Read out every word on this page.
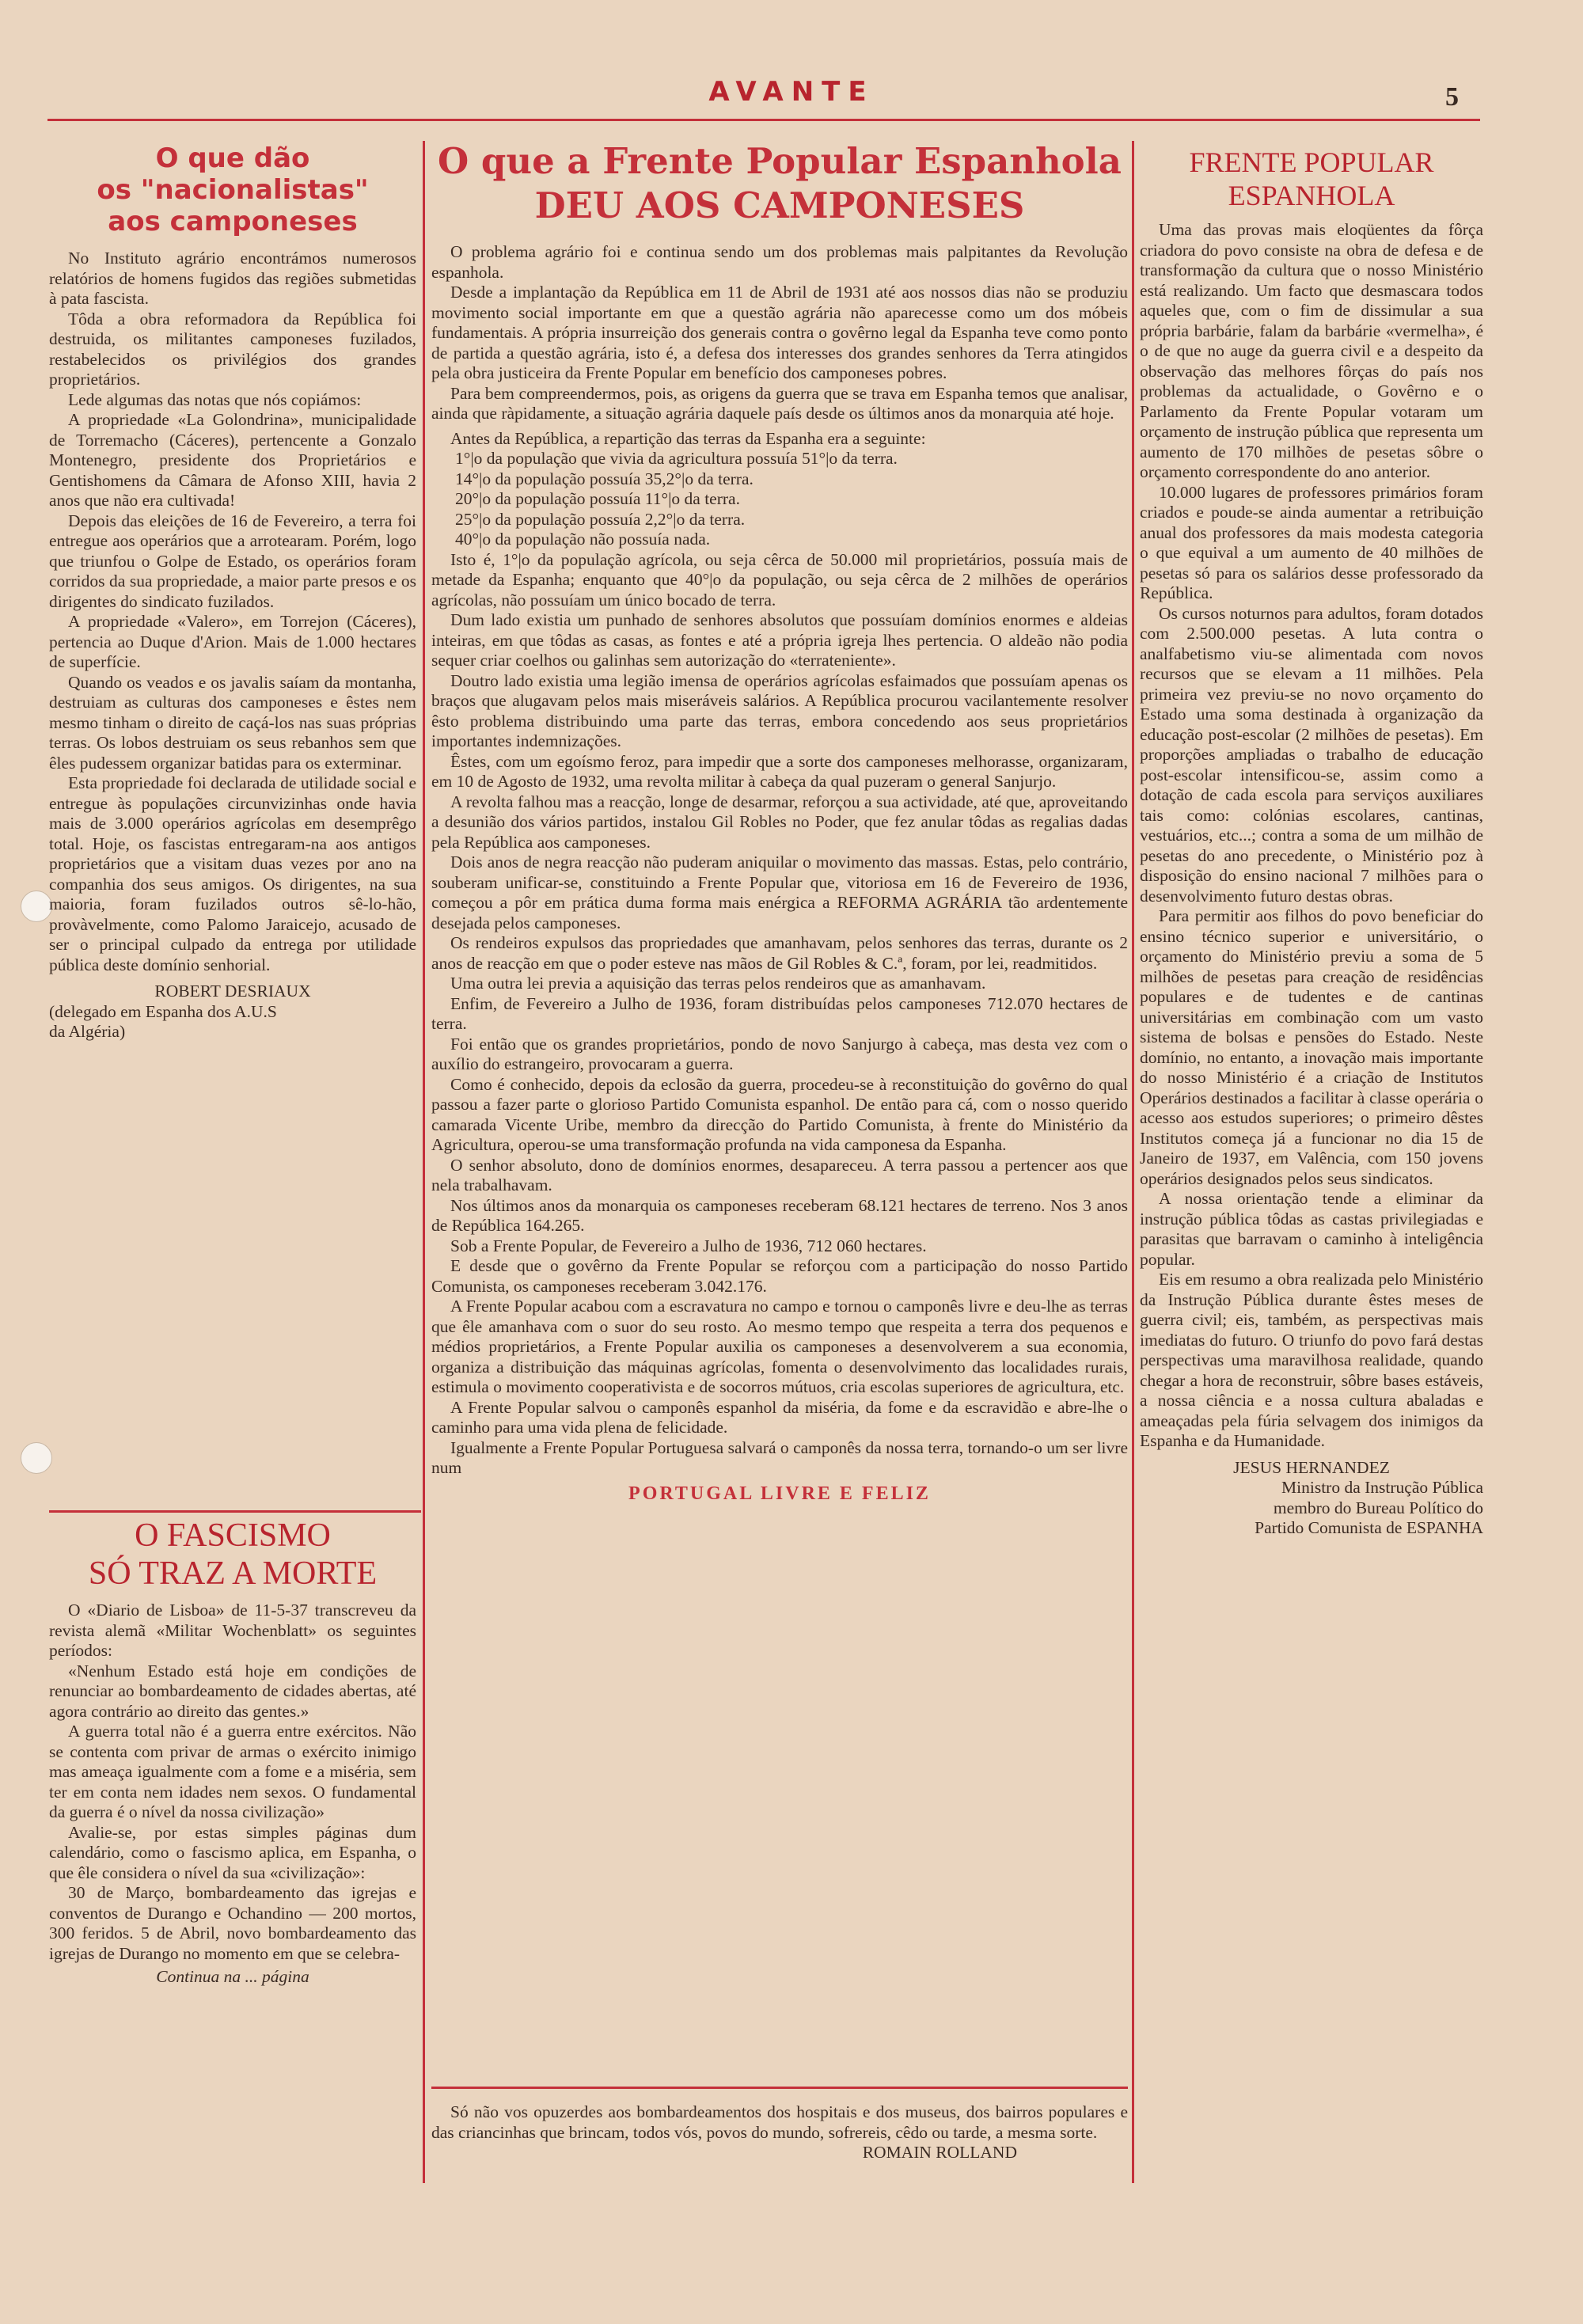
AVANTE	5
O que dão
os "nacionalistas"
aos camponeses

No Instituto agrário encontrámos numerosos relatórios de homens fugidos das regiões submetidas à pata fascista.

Tôda a obra reformadora da República foi destruida, os militantes camponeses fuzilados, restabelecidos os privilégios dos grandes proprietários.

Lede algumas das notas que nós copiámos:

A propriedade «La Golondrina», municipalidade de Torremacho (Cáceres), pertencente a Gonzalo Montenegro, presidente dos Proprietários e Gentishomens da Câmara de Afonso XIII, havia 2 anos que não era cultivada!

Depois das eleições de 16 de Fevereiro, a terra foi entregue aos operários que a arrotearam. Porém, logo que triunfou o Golpe de Estado, os operários foram corridos da sua propriedade, a maior parte presos e os dirigentes do sindicato fuzilados.

A propriedade «Valero», em Torrejon (Cáceres), pertencia ao Duque d'Arion. Mais de 1.000 hectares de superfície.

Quando os veados e os javalis saíam da montanha, destruiam as culturas dos camponeses e êstes nem mesmo tinham o direito de caçá-los nas suas próprias terras. Os lobos destruiam os seus rebanhos sem que êles pudessem organizar batidas para os exterminar.

Esta propriedade foi declarada de utilidade social e entregue às populações circunvizinhas onde havia mais de 3.000 operários agrícolas em desemprêgo total. Hoje, os fascistas entregaram-na aos antigos proprietários que a visitam duas vezes por ano na companhia dos seus amigos. Os dirigentes, na sua maioria, foram fuzilados outros sê-lo-hão, provàvelmente, como Palomo Jaraicejo, acusado de ser o principal culpado da entrega por utilidade pública deste domínio senhorial.

ROBERT DESRIAUX

(delegado em Espanha dos A.U.S

da Algéria)

O FASCISMO
SÓ TRAZ A MORTE

O «Diario de Lisboa» de 11-5-37 transcreveu da revista alemã «Militar Wochenblatt» os seguintes períodos:

«Nenhum Estado está hoje em condições de renunciar ao bombardeamento de cidades abertas, até agora contrário ao direito das gentes.»

A guerra total não é a guerra entre exércitos. Não se contenta com privar de armas o exército inimigo mas ameaça igualmente com a fome e a miséria, sem ter em conta nem idades nem sexos. O fundamental da guerra é o nível da nossa civilização»

Avalie-se, por estas simples páginas dum calendário, como o fascismo aplica, em Espanha, o que êle considera o nível da sua «civilização»:

30 de Março, bombardeamento das igrejas e conventos de Durango e Ochandino — 200 mortos, 300 feridos. 5 de Abril, novo bombardeamento das igrejas de Durango no momento em que se celebra-

Continua na ... página

O que a Frente Popular Espanhola
DEU AOS CAMPONESES

O problema agrário foi e continua sendo um dos problemas mais palpitantes da Revolução espanhola.

Desde a implantação da República em 11 de Abril de 1931 até aos nossos dias não se produziu movimento social importante em que a questão agrária não aparecesse como um dos móbeis fundamentais. A própria insurreição dos generais contra o govêrno legal da Espanha teve como ponto de partida a questão agrária, isto é, a defesa dos interesses dos grandes senhores da Terra atingidos pela obra justiceira da Frente Popular em benefício dos camponeses pobres.

Para bem compreendermos, pois, as origens da guerra que se trava em Espanha temos que analisar, ainda que ràpidamente, a situação agrária daquele país desde os últimos anos da monarquia até hoje.

Antes da República, a repartição das terras da Espanha era a seguinte:

1°|o da população que vivia da agricultura possuía 51°|o da terra.

14°|o da população possuía 35,2°|o da terra.

20°|o da população possuía 11°|o da terra.

25°|o da população possuía 2,2°|o da terra.

40°|o da população não possuía nada.

Isto é, 1°|o da população agrícola, ou seja cêrca de 50.000 mil proprietários, possuía mais de metade da Espanha; enquanto que 40°|o da população, ou seja cêrca de 2 milhões de operários agrícolas, não possuíam um único bocado de terra.

Dum lado existia um punhado de senhores absolutos que possuíam domínios enormes e aldeias inteiras, em que tôdas as casas, as fontes e até a própria igreja lhes pertencia. O aldeão não podia sequer criar coelhos ou galinhas sem autorização do «terrateniente».

Doutro lado existia uma legião imensa de operários agrícolas esfaimados que possuíam apenas os braços que alugavam pelos mais miseráveis salários. A República procurou vacilantemente resolver êsto problema distribuindo uma parte das terras, embora concedendo aos seus proprietários importantes indemnizações.

Êstes, com um egoísmo feroz, para impedir que a sorte dos camponeses melhorasse, organizaram, em 10 de Agosto de 1932, uma revolta militar à cabeça da qual puzeram o general Sanjurjo.

A revolta falhou mas a reacção, longe de desarmar, reforçou a sua actividade, até que, aproveitando a desunião dos vários partidos, instalou Gil Robles no Poder, que fez anular tôdas as regalias dadas pela República aos camponeses.

Dois anos de negra reacção não puderam aniquilar o movimento das massas. Estas, pelo contrário, souberam unificar-se, constituindo a Frente Popular que, vitoriosa em 16 de Fevereiro de 1936, começou a pôr em prática duma forma mais enérgica a REFORMA AGRÁRIA tão ardentemente desejada pelos camponeses.

Os rendeiros expulsos das propriedades que amanhavam, pelos senhores das terras, durante os 2 anos de reacção em que o poder esteve nas mãos de Gil Robles & C.ª, foram, por lei, readmitidos.

Uma outra lei previa a aquisição das terras pelos rendeiros que as amanhavam.

Enfim, de Fevereiro a Julho de 1936, foram distribuídas pelos camponeses 712.070 hectares de terra.

Foi então que os grandes proprietários, pondo de novo Sanjurgo à cabeça, mas desta vez com o auxílio do estrangeiro, provocaram a guerra.

Como é conhecido, depois da eclosão da guerra, procedeu-se à reconstituição do govêrno do qual passou a fazer parte o glorioso Partido Comunista espanhol. De então para cá, com o nosso querido camarada Vicente Uribe, membro da direcção do Partido Comunista, à frente do Ministério da Agricultura, operou-se uma transformação profunda na vida camponesa da Espanha.

O senhor absoluto, dono de domínios enormes, desapareceu. A terra passou a pertencer aos que nela trabalhavam.

Nos últimos anos da monarquia os camponeses receberam 68.121 hectares de terreno. Nos 3 anos de República 164.265.

Sob a Frente Popular, de Fevereiro a Julho de 1936, 712 060 hectares.

E desde que o govêrno da Frente Popular se reforçou com a participação do nosso Partido Comunista, os camponeses receberam 3.042.176.

A Frente Popular acabou com a escravatura no campo e tornou o camponês livre e deu-lhe as terras que êle amanhava com o suor do seu rosto. Ao mesmo tempo que respeita a terra dos pequenos e médios proprietários, a Frente Popular auxilia os camponeses a desenvolverem a sua economia, organiza a distribuição das máquinas agrícolas, fomenta o desenvolvimento das localidades rurais, estimula o movimento cooperativista e de socorros mútuos, cria escolas superiores de agricultura, etc.

A Frente Popular salvou o camponês espanhol da miséria, da fome e da escravidão e abre-lhe o caminho para uma vida plena de felicidade.

Igualmente a Frente Popular Portuguesa salvará o camponês da nossa terra, tornando-o um ser livre num

PORTUGAL LIVRE E FELIZ

Só não vos opuzerdes aos bombardeamentos dos hospitais e dos museus, dos bairros populares e das criancinhas que brincam, todos vós, povos do mundo, sofrereis, cêdo ou tarde, a mesma sorte.

ROMAIN ROLLAND

FRENTE POPULAR
ESPANHOLA

Uma das provas mais eloqüentes da fôrça criadora do povo consiste na obra de defesa e de transformação da cultura que o nosso Ministério está realizando. Um facto que desmascara todos aqueles que, com o fim de dissimular a sua própria barbárie, falam da barbárie «vermelha», é o de que no auge da guerra civil e a despeito da observação das melhores fôrças do país nos problemas da actualidade, o Govêrno e o Parlamento da Frente Popular votaram um orçamento de instrução pública que representa um aumento de 170 milhões de pesetas sôbre o orçamento correspondente do ano anterior.

10.000 lugares de professores primários foram criados e poude-se ainda aumentar a retribuição anual dos professores da mais modesta categoria o que equival a um aumento de 40 milhões de pesetas só para os salários desse professorado da República.

Os cursos noturnos para adultos, foram dotados com 2.500.000 pesetas. A luta contra o analfabetismo viu-se alimentada com novos recursos que se elevam a 11 milhões. Pela primeira vez previu-se no novo orçamento do Estado uma soma destinada à organização da educação post-escolar (2 milhões de pesetas). Em proporções ampliadas o trabalho de educação post-escolar intensificou-se, assim como a dotação de cada escola para serviços auxiliares tais como: colónias escolares, cantinas, vestuários, etc...; contra a soma de um milhão de pesetas do ano precedente, o Ministério poz à disposição do ensino nacional 7 milhões para o desenvolvimento futuro destas obras.

Para permitir aos filhos do povo beneficiar do ensino técnico superior e universitário, o orçamento do Ministério previu a soma de 5 milhões de pesetas para creação de residências populares e de tudentes e de cantinas universitárias em combinação com um vasto sistema de bolsas e pensões do Estado. Neste domínio, no entanto, a inovação mais importante do nosso Ministério é a criação de Institutos Operários destinados a facilitar à classe operária o acesso aos estudos superiores; o primeiro dêstes Institutos começa já a funcionar no dia 15 de Janeiro de 1937, em Valência, com 150 jovens operários designados pelos seus sindicatos.

A nossa orientação tende a eliminar da instrução pública tôdas as castas privilegiadas e parasitas que barravam o caminho à inteligência popular.

Eis em resumo a obra realizada pelo Ministério da Instrução Pública durante êstes meses de guerra civil; eis, também, as perspectivas mais imediatas do futuro. O triunfo do povo fará destas perspectivas uma maravilhosa realidade, quando chegar a hora de reconstruir, sôbre bases estáveis, a nossa ciência e a nossa cultura abaladas e ameaçadas pela fúria selvagem dos inimigos da Espanha e da Humanidade.

JESUS HERNANDEZ

Ministro da Instrução Pública

membro do Bureau Político do

Partido Comunista de ESPANHA
